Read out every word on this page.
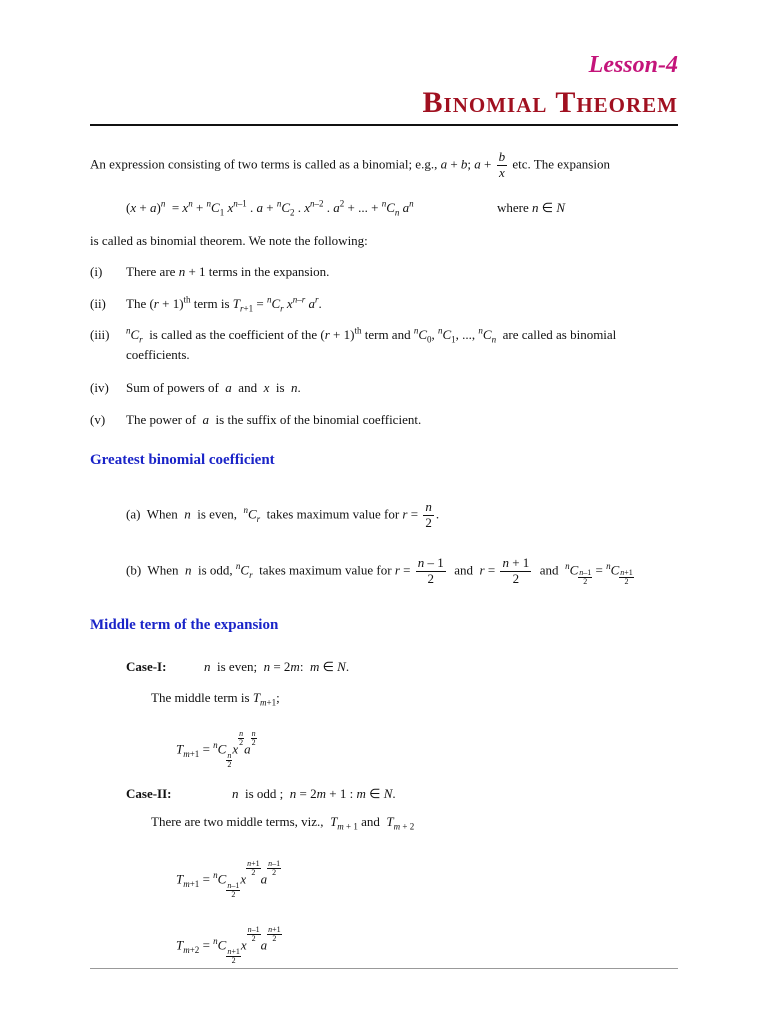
Lesson-4
Binomial Theorem
An expression consisting of two terms is called as a binomial; e.g., a + b; $a + \frac{b}{x}$ etc. The expansion
$(x + a)^n = x^n + ^nC_1$ $x^{n-1}$ . $a + ^nC_2$ . $x^{n-2}$ . $a^2$ + ... + $^nC_n$ $a^n$	where n ∈ N
is called as binomial theorem. We note the following:
(i) There are n + 1 terms in the expansion.
(ii) The $(r + 1)^{th}$ term is $T_{r+1} = ^nC_r$ $x^{n-r}$ $a^r$.
(iii) $^nC_r$  is called as the coefficient of the $(r + 1)^{th}$ term and $^nC_0$, $^nC_1$, ..., $^nC_n$  are called as binomial coefficients.
(iv) Sum of powers of  a  and  x  is  n.
(v) The power of  a  is the suffix of the binomial coefficient.
Greatest binomial coefficient
(a)  When  n  is even,  $^nC_r$ takes maximum value for $r = \frac{n}{2}$ .
(b)  When  n  is odd, $^nC_r$ takes maximum value for $r = \frac{n - 1}{2}$ and $r = \frac{n + 1}{2}$ and  $^nC \frac{n-1}{2} = ^nC \frac{n+1}{2}$
Middle term of the expansion
Case-I:	n  is even;  n = 2m:  m ∈ N.
The middle term is $T_{m+1}$;
$T_{m+1} = ^nC$
$\frac{n}{2}$
x
$\frac{n}{2}$
a
$\frac{n}{2}$
Case-II:	n  is odd ;  n = 2m + 1 : m ∈ N.
There are two middle terms, viz., $T_{m + 1}$ and  $T_{m + 2}$
$T_{m+1} = ^nC$
$\frac{n-1}{2}$
x
$\frac{n+1}{2}$
a
$\frac{n-1}{2}$
$T_{m+2} = ^nC$
$\frac{n+1}{2}$
x
$\frac{n-1}{2}$
a
$\frac{n+1}{2}$
